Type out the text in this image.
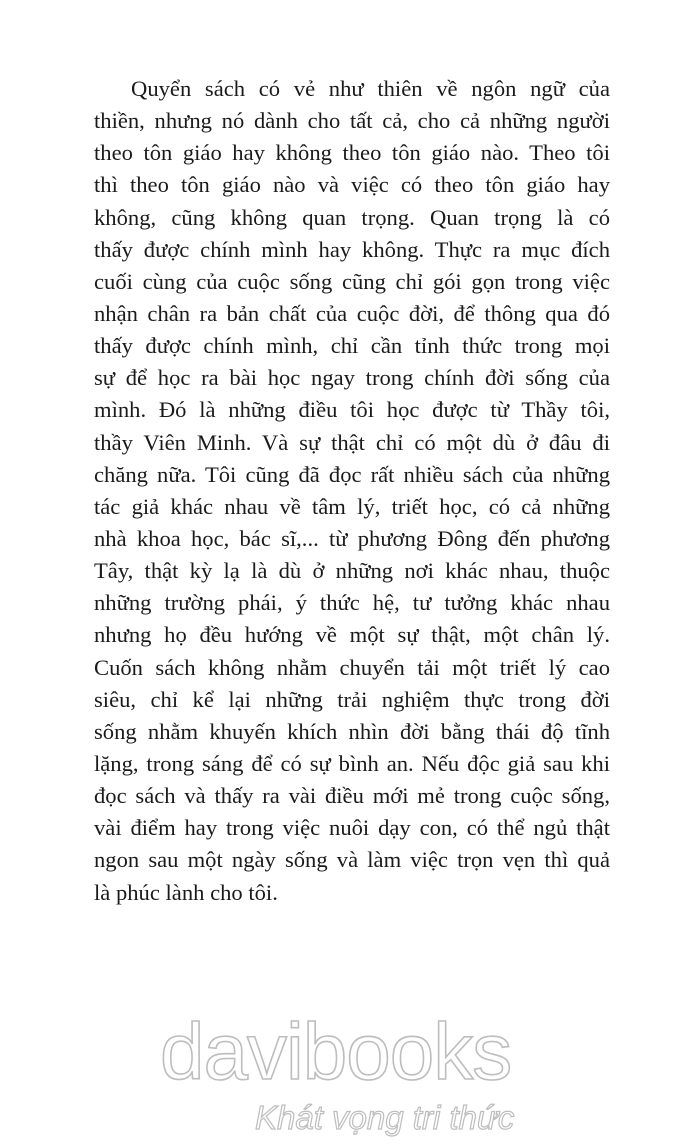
Quyển sách có vẻ như thiên về ngôn ngữ của
thiền, nhưng nó dành cho tất cả, cho cả những người
theo tôn giáo hay không theo tôn giáo nào. Theo tôi
thì theo tôn giáo nào và việc có theo tôn giáo hay
không, cũng không quan trọng. Quan trọng là có
thấy được chính mình hay không. Thực ra mục đích
cuối cùng của cuộc sống cũng chỉ gói gọn trong việc
nhận chân ra bản chất của cuộc đời, để thông qua đó
thấy được chính mình, chỉ cần tỉnh thức trong mọi
sự để học ra bài học ngay trong chính đời sống của
mình. Đó là những điều tôi học được từ Thầy tôi,
thầy Viên Minh. Và sự thật chỉ có một dù ở đâu đi
chăng nữa. Tôi cũng đã đọc rất nhiều sách của những
tác giả khác nhau về tâm lý, triết học, có cả những
nhà khoa học, bác sĩ,... từ phương Đông đến phương
Tây, thật kỳ lạ là dù ở những nơi khác nhau, thuộc
những trường phái, ý thức hệ, tư tưởng khác nhau
nhưng họ đều hướng về một sự thật, một chân lý.
Cuốn sách không nhằm chuyển tải một triết lý cao
siêu, chỉ kể lại những trải nghiệm thực trong đời
sống nhằm khuyến khích nhìn đời bằng thái độ tĩnh
lặng, trong sáng để có sự bình an. Nếu độc giả sau khi
đọc sách và thấy ra vài điều mới mẻ trong cuộc sống,
vài điểm hay trong việc nuôi dạy con, có thể ngủ thật
ngon sau một ngày sống và làm việc trọn vẹn thì quả
là phúc lành cho tôi.
davibooks
Khát vọng tri thức
